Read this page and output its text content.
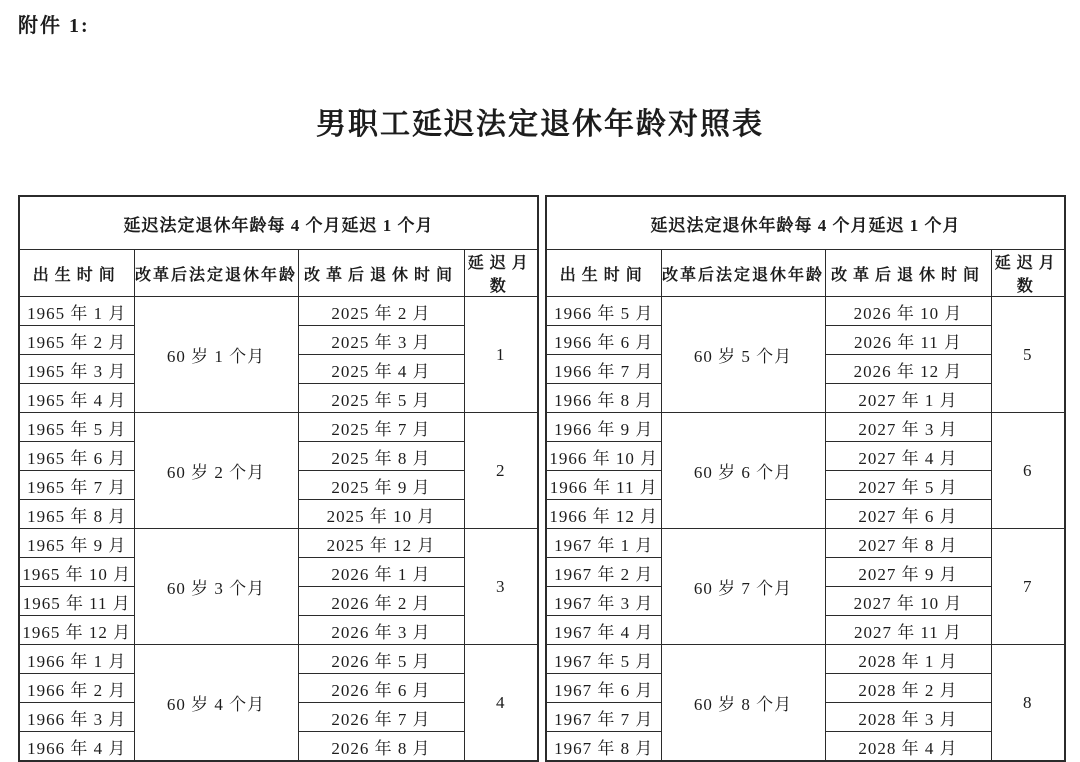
附件 1:
男职工延迟法定退休年龄对照表
延迟法定退休年龄每 4 个月延迟 1 个月			
出生时间	改革后法定退休年龄	改革后退休时间	延迟月数
1965 年 1 月	60 岁 1 个月	2025 年 2 月	1
1965 年 2 月		2025 年 3 月	
1965 年 3 月		2025 年 4 月	
1965 年 4 月		2025 年 5 月	
1965 年 5 月	60 岁 2 个月	2025 年 7 月	2
1965 年 6 月		2025 年 8 月	
1965 年 7 月		2025 年 9 月	
1965 年 8 月		2025 年 10 月	
1965 年 9 月	60 岁 3 个月	2025 年 12 月	3
1965 年 10 月		2026 年 1 月	
1965 年 11 月		2026 年 2 月	
1965 年 12 月		2026 年 3 月	
1966 年 1 月	60 岁 4 个月	2026 年 5 月	4
1966 年 2 月		2026 年 6 月	
1966 年 3 月		2026 年 7 月	
1966 年 4 月		2026 年 8 月	
延迟法定退休年龄每 4 个月延迟 1 个月			
出生时间	改革后法定退休年龄	改革后退休时间	延迟月数
1966 年 5 月	60 岁 5 个月	2026 年 10 月	5
1966 年 6 月		2026 年 11 月	
1966 年 7 月		2026 年 12 月	
1966 年 8 月		2027 年 1 月	
1966 年 9 月	60 岁 6 个月	2027 年 3 月	6
1966 年 10 月		2027 年 4 月	
1966 年 11 月		2027 年 5 月	
1966 年 12 月		2027 年 6 月	
1967 年 1 月	60 岁 7 个月	2027 年 8 月	7
1967 年 2 月		2027 年 9 月	
1967 年 3 月		2027 年 10 月	
1967 年 4 月		2027 年 11 月	
1967 年 5 月	60 岁 8 个月	2028 年 1 月	8
1967 年 6 月		2028 年 2 月	
1967 年 7 月		2028 年 3 月	
1967 年 8 月		2028 年 4 月	
